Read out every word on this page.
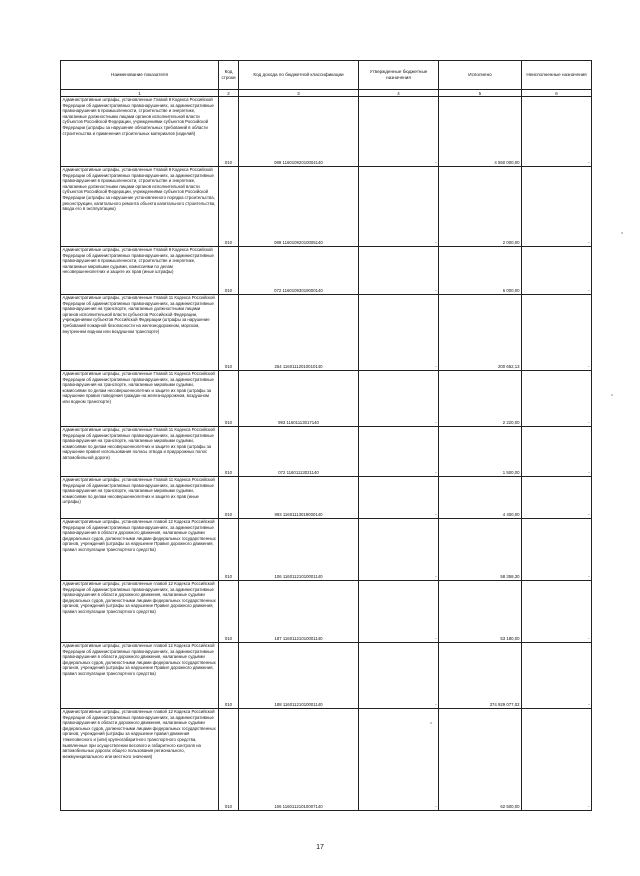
Наименование показателя	Код строки	Код дохода по бюджетной классификации	Утвержденные бюджетные назначения	Исполнено	Неисполненные назначения
1	2	3	4	5	6
Административные штрафы, установленные Главой 9 Кодекса Российской Федерации об административных правонарушениях, за административные правонарушения в промышленности, строительстве и энергетике, налагаемые должностными лицами органов исполнительной власти субъектов Российской Федерации, учреждениями субъектов Российской Федерации (штрафы за нарушение обязательных требований в области строительства и применения строительных материалов (изделий)	010	089 11601092010004140	-	4 550 000,00	-
Административные штрафы, установленные Главой 9 Кодекса Российской Федерации об административных правонарушениях, за административные правонарушения в промышленности, строительстве и энергетике, налагаемые должностными лицами органов исполнительной власти субъектов Российской Федерации, учреждениями субъектов Российской Федерации (штрафы за нарушение установленного порядка строительства, реконструкции, капитального ремонта объекта капитального строительства, ввода его в эксплуатацию)	010	089 11601092010005140	-	2 000,00	-
Административные штрафы, установленные Главой 9 Кодекса Российской Федерации об административных правонарушениях, за административные правонарушения в промышленности, строительстве и энергетике, налагаемые мировыми судьями, комиссиями по делам несовершеннолетних и защите их прав (иные штрафы)	010	072 11601093019000140	-	6 000,00	-
Административные штрафы, установленные Главой 11 Кодекса Российской Федерации об административных правонарушениях, за административные правонарушения на транспорте, налагаемые должностными лицами органов исполнительной власти субъектов Российской Федерации, учреждениями субъектов Российской Федерации (штрафы за нарушение требований пожарной безопасности на железнодорожном, морском, внутреннем водном или воздушном транспорте)	010	254 11601112010010140	-	200 652,13	-
Административные штрафы, установленные Главой 11 Кодекса Российской Федерации об административных правонарушениях, за административные правонарушения на транспорте, налагаемые мировыми судьями, комиссиями по делам несовершеннолетних и защите их прав (штрафы за нарушение правил поведения граждан на железнодорожном, воздушном или водном транспорте)	010	993 11601113017140	-	2 220,00	-
Административные штрафы, установленные Главой 11 Кодекса Российской Федерации об административных правонарушениях, за административные правонарушения на транспорте, налагаемые мировыми судьями, комиссиями по делам несовершеннолетних и защите их прав (штрафы за нарушение правил использования полосы отвода и придорожных полос автомобильной дороги)	010	072 11601113021140	-	1 500,00	-
Административные штрафы, установленные Главой 11 Кодекса Российской Федерации об административных правонарушениях, за административные правонарушения на транспорте, налагаемые мировыми судьями, комиссиями по делам несовершеннолетних и защите их прав (иные штрафы)	010	993 11601113019000140	-	4 400,00	-
Административные штрафы, установленные главой 12 Кодекса Российской Федерации об административных правонарушениях, за административные правонарушения в области дорожного движения, налагаемые судьями федеральных судов, должностными лицами федеральных государственных органов, учреждений (штрафы за нарушение Правил дорожного движения, правил эксплуатации транспортного средства)	010	106 11601121010001140	-	58 358,30	-
Административные штрафы, установленные главой 12 Кодекса Российской Федерации об административных правонарушениях, за административные правонарушения в области дорожного движения, налагаемые судьями федеральных судов, должностными лицами федеральных государственных органов, учреждений (штрафы за нарушение Правил дорожного движения, правил эксплуатации транспортного средства)	010	187 11601121010001140	-	53 180,00	-
Административные штрафы, установленные главой 12 Кодекса Российской Федерации об административных правонарушениях, за административные правонарушения в области дорожного движения, налагаемые судьями федеральных судов, должностными лицами федеральных государственных органов, учреждений (штрафы за нарушение Правил дорожного движения, правил эксплуатации транспортного средства)	010	188 11601121010001140	-	374 929 077,02	-
Административные штрафы, установленные главой 12 Кодекса Российской Федерации об административных правонарушениях, за административные правонарушения в области дорожного движения, налагаемые судьями федеральных судов, должностными лицами федеральных государственных органов, учреждений (штрафы за нарушение правил движения тяжеловесного и (или) крупногабаритного транспортного средства, выявленные при осуществлении весового и габаритного контроля на автомобильных дорогах общего пользования регионального, межмуниципального или местного значения)	010	106 11601121010007140	-	62 500,00	-
17
